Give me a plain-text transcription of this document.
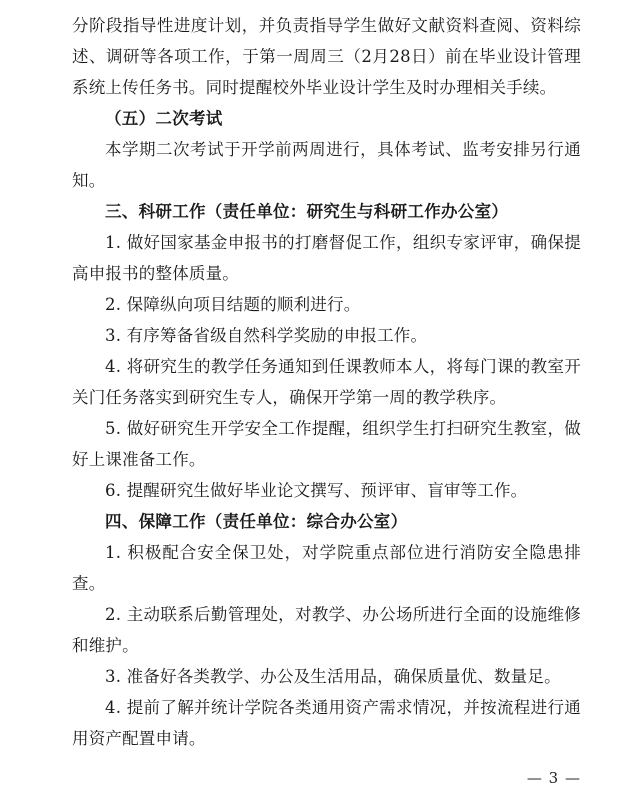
分阶段指导性进度计划，并负责指导学生做好文献资料查阅、资料综述、调研等各项工作，于第一周周三（2月28日）前在毕业设计管理系统上传任务书。同时提醒校外毕业设计学生及时办理相关手续。

（五）二次考试

本学期二次考试于开学前两周进行，具体考试、监考安排另行通知。

三、科研工作（责任单位：研究生与科研工作办公室）

1. 做好国家基金申报书的打磨督促工作，组织专家评审，确保提高申报书的整体质量。

2. 保障纵向项目结题的顺利进行。

3. 有序筹备省级自然科学奖励的申报工作。

4. 将研究生的教学任务通知到任课教师本人，将每门课的教室开关门任务落实到研究生专人，确保开学第一周的教学秩序。

5. 做好研究生开学安全工作提醒，组织学生打扫研究生教室，做好上课准备工作。

6. 提醒研究生做好毕业论文撰写、预评审、盲审等工作。

四、保障工作（责任单位：综合办公室）

1. 积极配合安全保卫处，对学院重点部位进行消防安全隐患排查。

2. 主动联系后勤管理处，对教学、办公场所进行全面的设施维修和维护。

3. 准备好各类教学、办公及生活用品，确保质量优、数量足。

4. 提前了解并统计学院各类通用资产需求情况，并按流程进行通用资产配置申请。

— 3 —
